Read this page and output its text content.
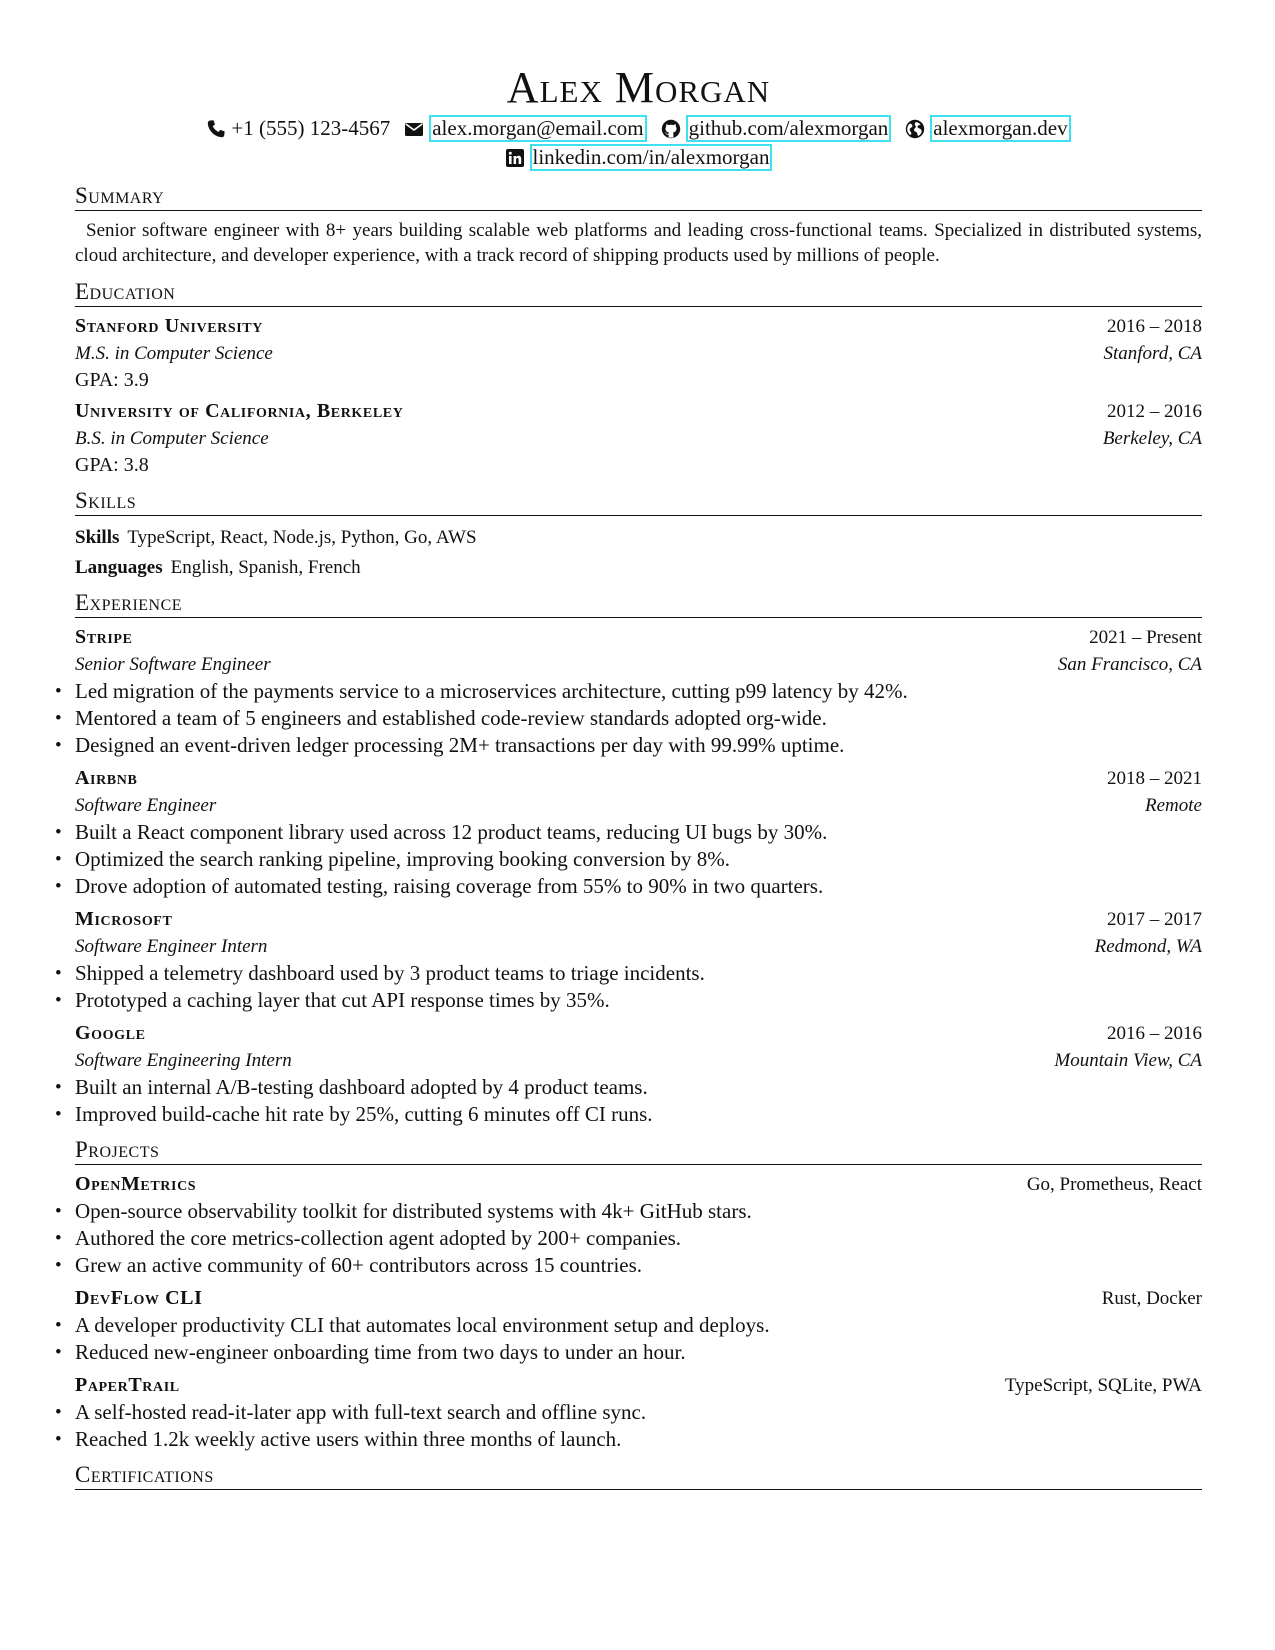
Alex Morgan
+1 (555) 123-4567 alex.morgan@email.com github.com/alexmorgan alexmorgan.dev
linkedin.com/in/alexmorgan
Summary
Senior software engineer with 8+ years building scalable web platforms and leading cross-functional teams. Specialized in distributed systems, cloud architecture, and developer experience, with a track record of shipping products used by millions of people.
Education
Stanford University	2016 – 2018
M.S. in Computer Science	Stanford, CA
GPA: 3.9
University of California, Berkeley	2012 – 2016
B.S. in Computer Science	Berkeley, CA
GPA: 3.8
Skills
Skills TypeScript, React, Node.js, Python, Go, AWS
Languages English, Spanish, French
Experience
Stripe	2021 – Present
Senior Software Engineer	San Francisco, CA
• Led migration of the payments service to a microservices architecture, cutting p99 latency by 42%.
• Mentored a team of 5 engineers and established code-review standards adopted org-wide.
• Designed an event-driven ledger processing 2M+ transactions per day with 99.99% uptime.
Airbnb	2018 – 2021
Software Engineer	Remote
• Built a React component library used across 12 product teams, reducing UI bugs by 30%.
• Optimized the search ranking pipeline, improving booking conversion by 8%.
• Drove adoption of automated testing, raising coverage from 55% to 90% in two quarters.
Microsoft	2017 – 2017
Software Engineer Intern	Redmond, WA
• Shipped a telemetry dashboard used by 3 product teams to triage incidents.
• Prototyped a caching layer that cut API response times by 35%.
Google	2016 – 2016
Software Engineering Intern	Mountain View, CA
• Built an internal A/B-testing dashboard adopted by 4 product teams.
• Improved build-cache hit rate by 25%, cutting 6 minutes off CI runs.
Projects
OpenMetrics	Go, Prometheus, React
• Open-source observability toolkit for distributed systems with 4k+ GitHub stars.
• Authored the core metrics-collection agent adopted by 200+ companies.
• Grew an active community of 60+ contributors across 15 countries.
DevFlow CLI	Rust, Docker
• A developer productivity CLI that automates local environment setup and deploys.
• Reduced new-engineer onboarding time from two days to under an hour.
PaperTrail	TypeScript, SQLite, PWA
• A self-hosted read-it-later app with full-text search and offline sync.
• Reached 1.2k weekly active users within three months of launch.
Certifications
